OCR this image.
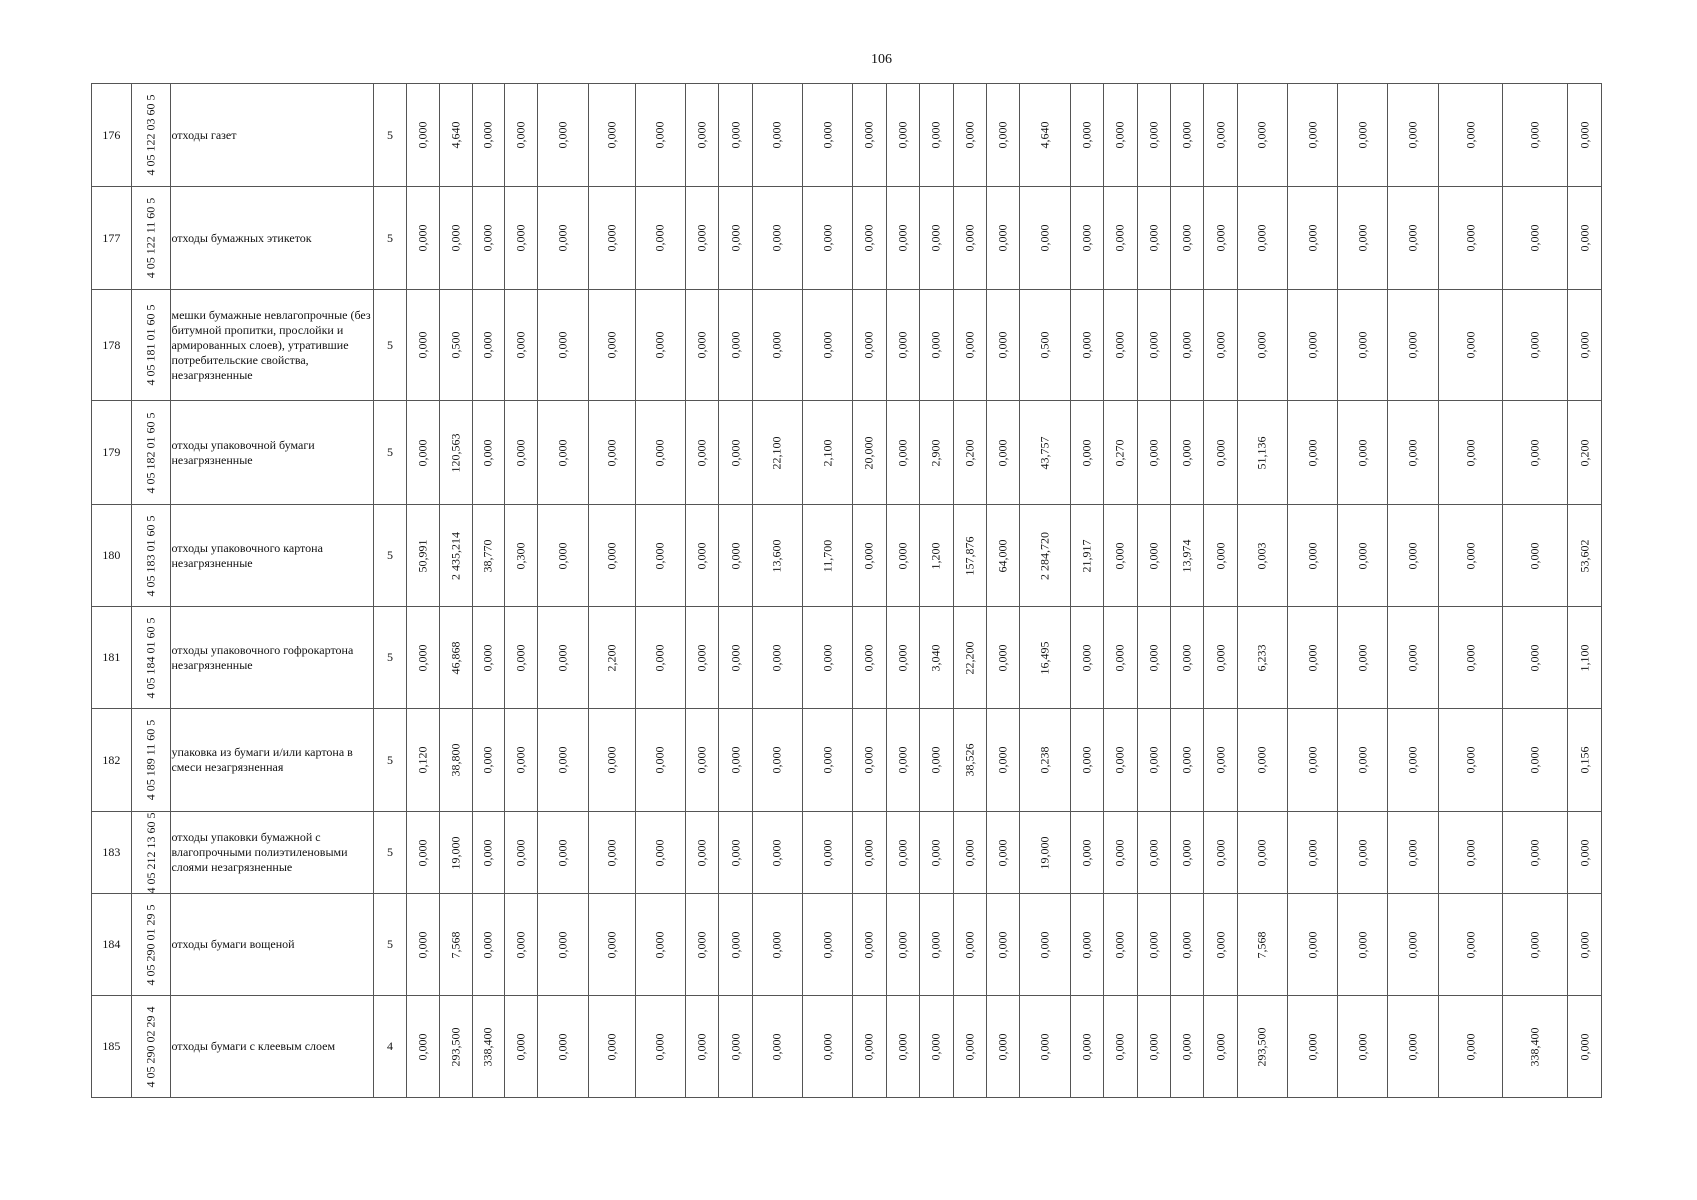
106
176	4 05 122 03 60 5	отходы газет	5	0,000	4,640	0,000	0,000	0,000	0,000	0,000	0,000	0,000	0,000	0,000	0,000	0,000	0,000	0,000	0,000	4,640	0,000	0,000	0,000	0,000	0,000	0,000	0,000	0,000	0,000	0,000	0,000	0,000

177	4 05 122 11 60 5	отходы бумажных этикеток	5	0,000	0,000	0,000	0,000	0,000	0,000	0,000	0,000	0,000	0,000	0,000	0,000	0,000	0,000	0,000	0,000	0,000	0,000	0,000	0,000	0,000	0,000	0,000	0,000	0,000	0,000	0,000	0,000	0,000

178	4 05 181 01 60 5	мешки бумажные невлагопрочные (без битумной пропитки, прослойки и армированных слоев), утратившие потребительские свойства, незагрязненные	5	0,000	0,500	0,000	0,000	0,000	0,000	0,000	0,000	0,000	0,000	0,000	0,000	0,000	0,000	0,000	0,000	0,500	0,000	0,000	0,000	0,000	0,000	0,000	0,000	0,000	0,000	0,000	0,000	0,000

179	4 05 182 01 60 5	отходы упаковочной бумаги незагрязненные	5	0,000	120,563	0,000	0,000	0,000	0,000	0,000	0,000	0,000	22,100	2,100	20,000	0,000	2,900	0,200	0,000	43,757	0,000	0,270	0,000	0,000	0,000	51,136	0,000	0,000	0,000	0,000	0,000	0,200

180	4 05 183 01 60 5	отходы упаковочного картона незагрязненные	5	50,991	2 435,214	38,770	0,300	0,000	0,000	0,000	0,000	0,000	13,600	11,700	0,000	0,000	1,200	157,876	64,000	2 284,720	21,917	0,000	0,000	13,974	0,000	0,003	0,000	0,000	0,000	0,000	0,000	53,602

181	4 05 184 01 60 5	отходы упаковочного гофрокартона незагрязненные	5	0,000	46,868	0,000	0,000	0,000	2,200	0,000	0,000	0,000	0,000	0,000	0,000	0,000	3,040	22,200	0,000	16,495	0,000	0,000	0,000	0,000	0,000	6,233	0,000	0,000	0,000	0,000	0,000	1,100

182	4 05 189 11 60 5	упаковка из бумаги и/или картона в смеси незагрязненная	5	0,120	38,800	0,000	0,000	0,000	0,000	0,000	0,000	0,000	0,000	0,000	0,000	0,000	0,000	38,526	0,000	0,238	0,000	0,000	0,000	0,000	0,000	0,000	0,000	0,000	0,000	0,000	0,000	0,156

183	4 05 212 13 60 5	отходы упаковки бумажной с влагопрочными полиэтиленовыми слоями незагрязненные	5	0,000	19,000	0,000	0,000	0,000	0,000	0,000	0,000	0,000	0,000	0,000	0,000	0,000	0,000	0,000	0,000	19,000	0,000	0,000	0,000	0,000	0,000	0,000	0,000	0,000	0,000	0,000	0,000	0,000

184	4 05 290 01 29 5	отходы бумаги вощеной	5	0,000	7,568	0,000	0,000	0,000	0,000	0,000	0,000	0,000	0,000	0,000	0,000	0,000	0,000	0,000	0,000	0,000	0,000	0,000	0,000	0,000	0,000	7,568	0,000	0,000	0,000	0,000	0,000	0,000

185	4 05 290 02 29 4	отходы бумаги с клеевым слоем	4	0,000	293,500	338,400	0,000	0,000	0,000	0,000	0,000	0,000	0,000	0,000	0,000	0,000	0,000	0,000	0,000	0,000	0,000	0,000	0,000	0,000	0,000	293,500	0,000	0,000	0,000	0,000	338,400	0,000
